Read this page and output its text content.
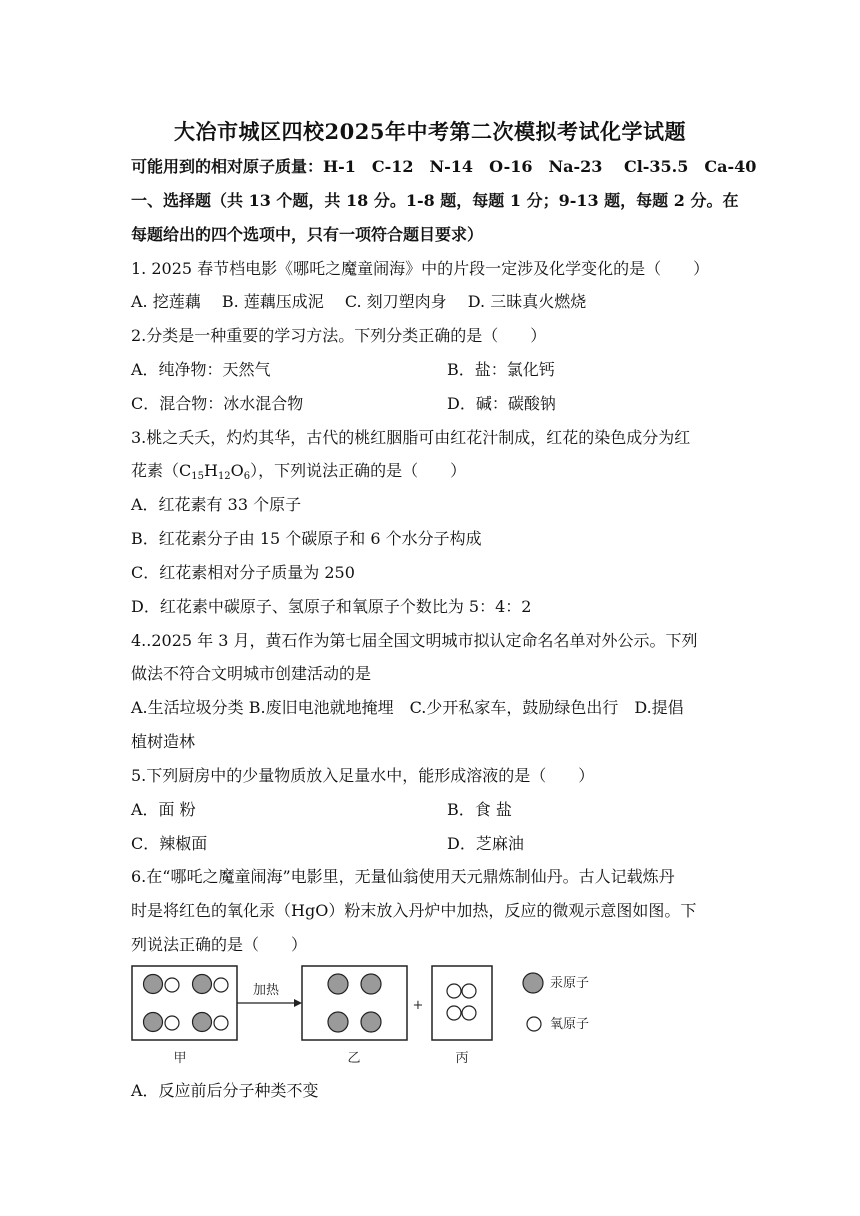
大冶市城区四校2025年中考第二次模拟考试化学试题
可能用到的相对原子质量：H-1　C-12　N-14　O-16　Na-23　 Cl-35.5　Ca-40
一、选择题（共 13 个题，共 18 分。1-8 题，每题 1 分；9-13 题，每题 2 分。在
每题给出的四个选项中，只有一项符合题目要求）
1. 2025 春节档电影《哪吒之魔童闹海》中的片段一定涉及化学变化的是（　　）
A. 挖莲藕　 B. 莲藕压成泥　 C. 刻刀塑肉身　 D. 三昧真火燃烧
2.分类是一种重要的学习方法。下列分类正确的是（　　）
A．纯净物：天然气	B．盐：氯化钙
C．混合物：冰水混合物	D．碱：碳酸钠
3.桃之夭夭，灼灼其华，古代的桃红胭脂可由红花汁制成，红花的染色成分为红
花素$(C_{15}H_{12}O_6)$，下列说法正确的是（　　）
A．红花素有 33 个原子
B．红花素分子由 15 个碳原子和 6 个水分子构成
C．红花素相对分子质量为 250
D．红花素中碳原子、氢原子和氧原子个数比为 5：4：2
4..2025 年 3 月，黄石作为第七届全国文明城市拟认定命名名单对外公示。下列
做法不符合文明城市创建活动的是
A.生活垃圾分类 B.废旧电池就地掩埋　C.少开私家车，鼓励绿色出行　D.提倡
植树造林
5.下列厨房中的少量物质放入足量水中，能形成溶液的是（　　）
A．面 粉	B．食 盐
C．辣椒面	D．芝麻油
6.在“哪吒之魔童闹海”电影里，无量仙翁使用天元鼎炼制仙丹。古人记载炼丹
时是将红色的氧化汞（HgO）粉末放入丹炉中加热，反应的微观示意图如图。下
列说法正确的是（　　）
甲
加热
乙
+
丙
汞原子
氧原子
A．反应前后分子种类不变
